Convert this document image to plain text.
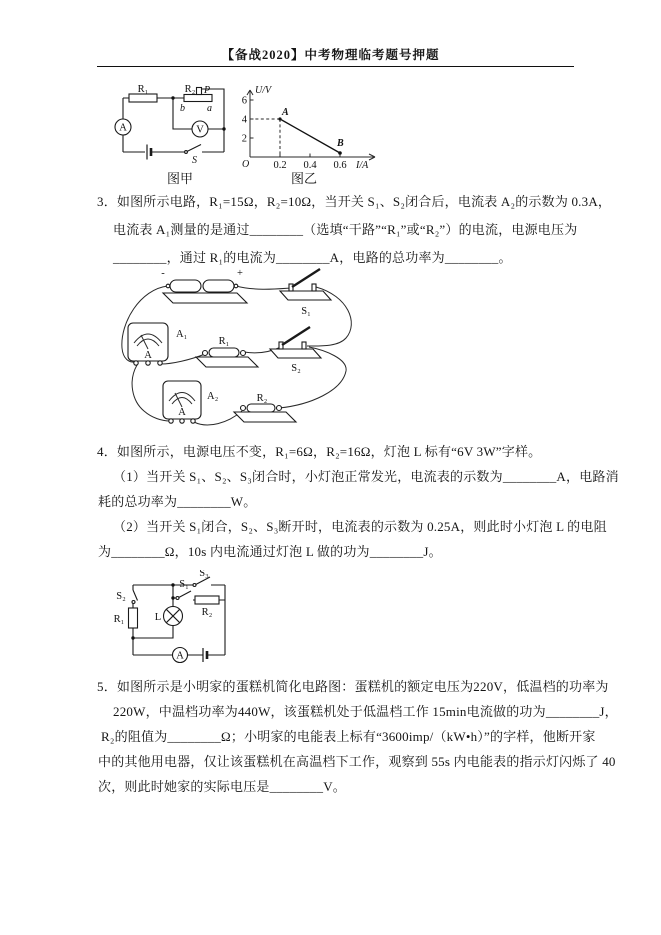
【备战2020】中考物理临考题号押题
R₁	R₂ P
b a
A	V
S
图甲
U/V
I/A
O
2
4
6
0.2 0.4 0.6
A
B
图乙
3．如图所示电路，R₁=15Ω，R₂=10Ω，当开关 S₁、S₂闭合后，电流表 A₂的示数为 0.3A，
电流表 A₁测量的是通过________（选填“干路”“R₁”或“R₂”）的电流，电源电压为
________，通过 R₁的电流为________A，电路的总功率为________。
-	+
S₁
A
A₁
R₁
S₂
A
A₂	R₂
4．如图所示，电源电压不变，R₁=6Ω，R₂=16Ω，灯泡 L 标有“6V 3W”字样。
（1）当开关 S₁、S₂、S₃闭合时，小灯泡正常发光，电流表的示数为________A，电路消
耗的总功率为________W。
（2）当开关 S₁闭合，S₂、S₃断开时，电流表的示数为 0.25A，则此时小灯泡 L 的电阻
为________Ω，10s 内电流通过灯泡 L 做的功为________J。
S₃
S₂
R₁	L
S₁
R₂
A
5．如图所示是小明家的蛋糕机简化电路图：蛋糕机的额定电压为220V，低温档的功率为
220W，中温档功率为440W，该蛋糕机处于低温档工作 15min电流做的功为________J，
R₂的阻值为________Ω；小明家的电能表上标有“3600imp/（kW•h）”的字样，他断开家
中的其他用电器，仅让该蛋糕机在高温档下工作，观察到 55s 内电能表的指示灯闪烁了 40
次，则此时她家的实际电压是________V。
